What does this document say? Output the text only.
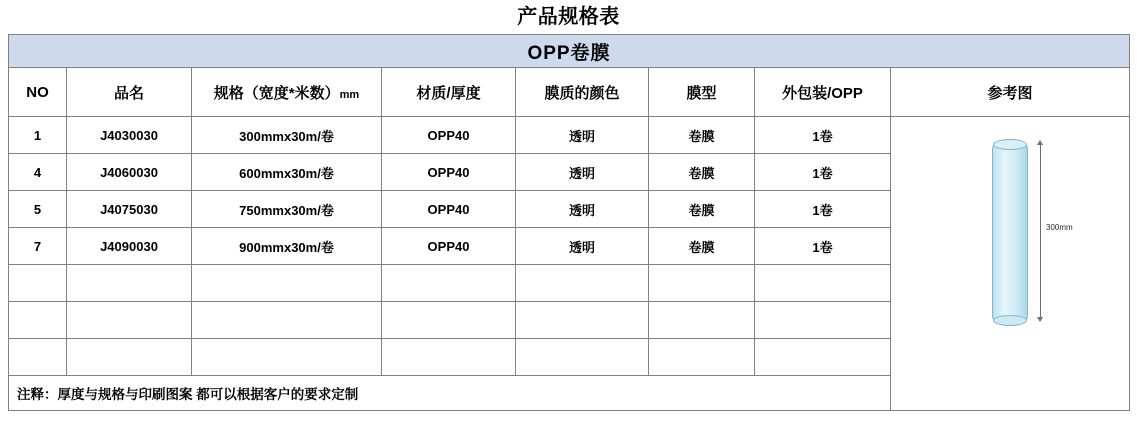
产品规格表
OPP卷膜							
NO	品名	规格（宽度*米数）mm	材质/厚度	膜质的颜色	膜型	外包装/OPP	参考图
1	J4030030	300mmx30m/卷	OPP40	透明	卷膜	1卷	300mm

4	J4060030	600mmx30m/卷	OPP40	透明	卷膜	1卷	
5	J4075030	750mmx30m/卷	OPP40	透明	卷膜	1卷	
7	J4090030	900mmx30m/卷	OPP40	透明	卷膜	1卷	

注释：厚度与规格与印刷图案 都可以根据客户的要求定制							
